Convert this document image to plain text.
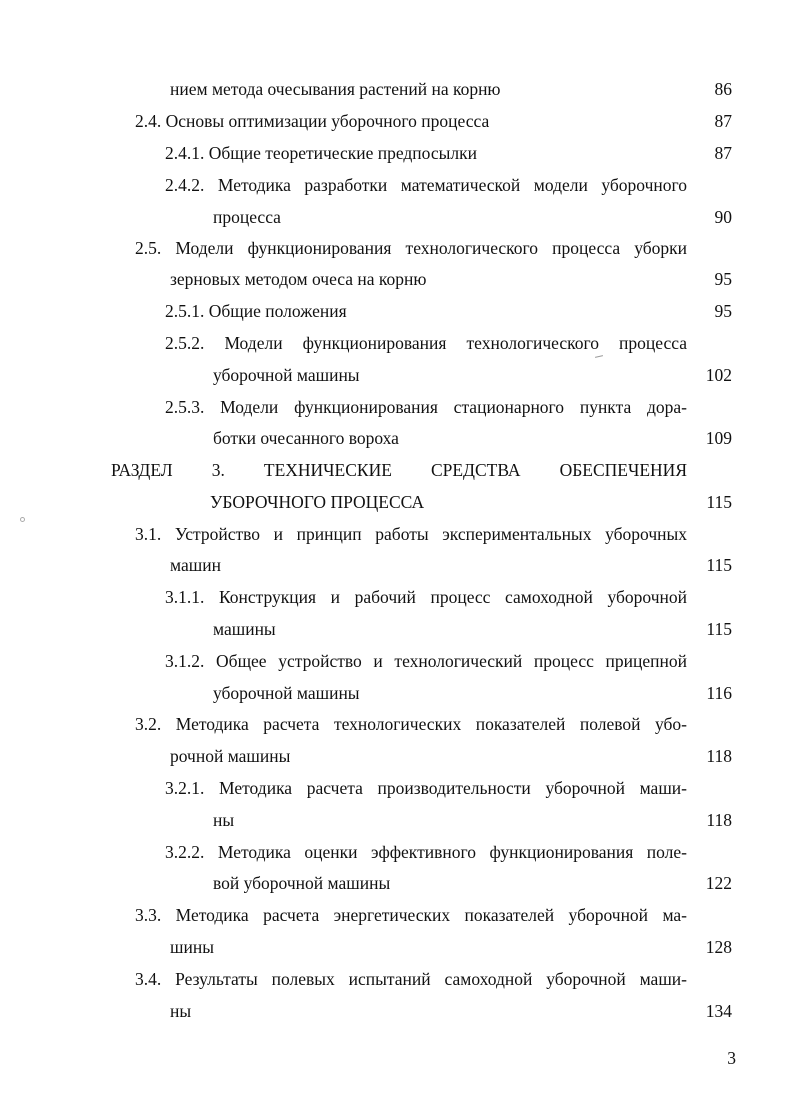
нием метода очесывания растений на корню	86
2.4. Основы оптимизации уборочного процесса	87
2.4.1. Общие теоретические предпосылки	87
2.4.2. Методика разработки математической модели уборочного
процесса	90
2.5. Модели функционирования технологического процесса уборки
зерновых методом очеса на корню	95
2.5.1. Общие положения	95
2.5.2. Модели функционирования технологического процесса
уборочной машины	102
2.5.3. Модели функционирования стационарного пункта дора-
ботки очесанного вороха	109
РАЗДЕЛ 3. ТЕХНИЧЕСКИЕ СРЕДСТВА ОБЕСПЕЧЕНИЯ
УБОРОЧНОГО ПРОЦЕССА	115
3.1. Устройство и принцип работы экспериментальных уборочных
машин	115
3.1.1. Конструкция и рабочий процесс самоходной уборочной
машины	115
3.1.2. Общее устройство и технологический процесс прицепной
уборочной машины	116
3.2. Методика расчета технологических показателей полевой убо-
рочной машины	118
3.2.1. Методика расчета производительности уборочной маши-
ны	118
3.2.2. Методика оценки эффективного функционирования поле-
вой уборочной машины	122
3.3. Методика расчета энергетических показателей уборочной ма-
шины	128
3.4. Результаты полевых испытаний самоходной уборочной маши-
ны	134
3
